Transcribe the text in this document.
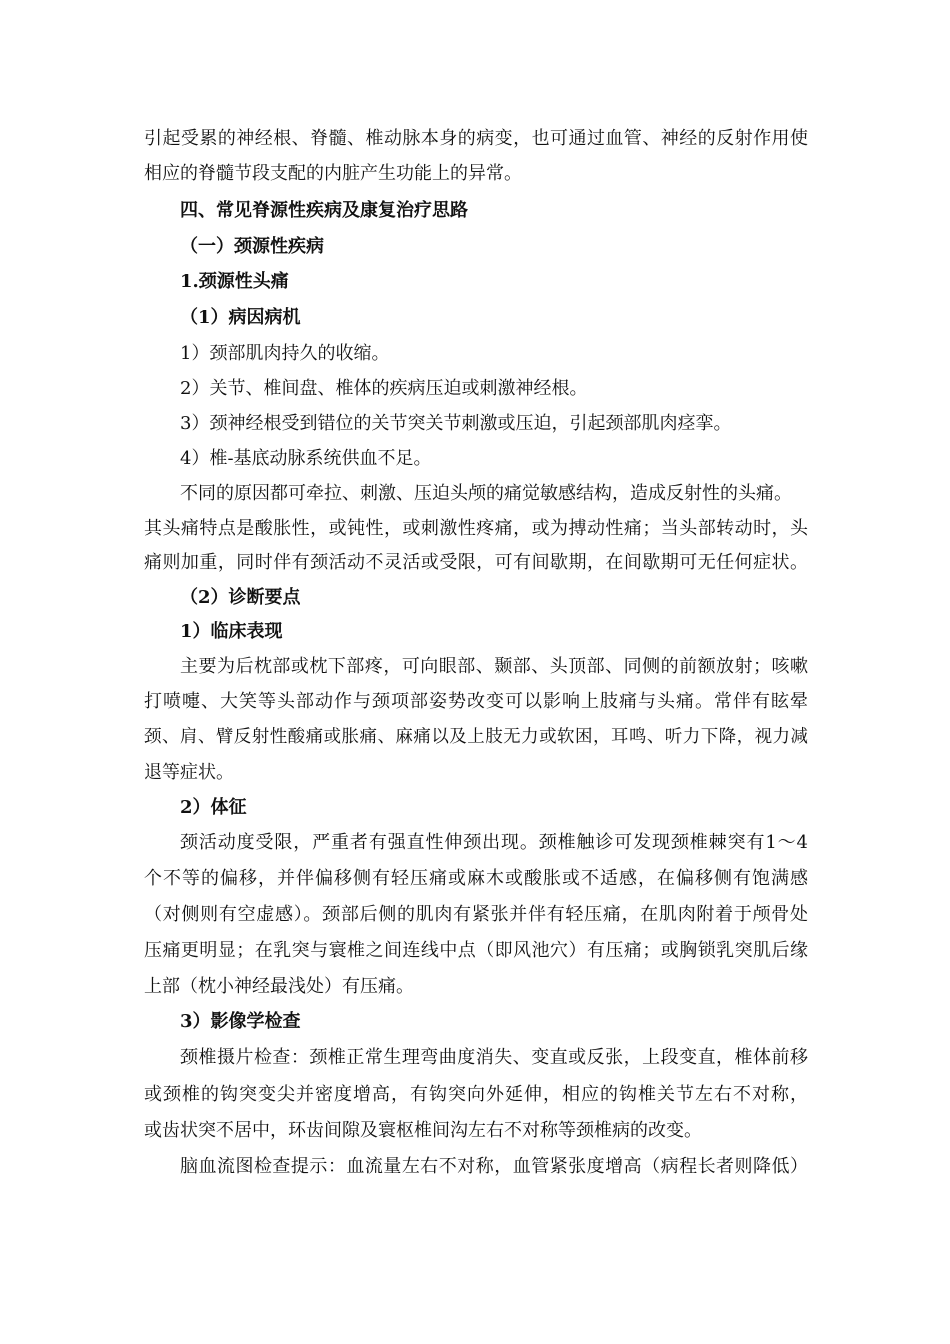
引起受累的神经根、脊髓、椎动脉本身的病变，也可通过血管、神经的反射作用使
相应的脊髓节段支配的内脏产生功能上的异常。
四、常见脊源性疾病及康复治疗思路
（一）颈源性疾病
1.颈源性头痛
（1）病因病机
1）颈部肌肉持久的收缩。
2）关节、椎间盘、椎体的疾病压迫或刺激神经根。
3）颈神经根受到错位的关节突关节刺激或压迫，引起颈部肌肉痉挛。
4）椎-基底动脉系统供血不足。
不同的原因都可牵拉、刺激、压迫头颅的痛觉敏感结构，造成反射性的头痛。
其头痛特点是酸胀性，或钝性，或刺激性疼痛，或为搏动性痛；当头部转动时，头
痛则加重，同时伴有颈活动不灵活或受限，可有间歇期，在间歇期可无任何症状。
（2）诊断要点
1）临床表现
主要为后枕部或枕下部疼，可向眼部、颞部、头顶部、同侧的前额放射；咳嗽
打喷嚏、大笑等头部动作与颈项部姿势改变可以影响上肢痛与头痛。常伴有眩晕
颈、肩、臂反射性酸痛或胀痛、麻痛以及上肢无力或软困，耳鸣、听力下降，视力减
退等症状。
2）体征
颈活动度受限，严重者有强直性伸颈出现。颈椎触诊可发现颈椎棘突有1～4
个不等的偏移，并伴偏移侧有轻压痛或麻木或酸胀或不适感，在偏移侧有饱满感
（对侧则有空虚感）。颈部后侧的肌肉有紧张并伴有轻压痛，在肌肉附着于颅骨处
压痛更明显；在乳突与寰椎之间连线中点（即风池穴）有压痛；或胸锁乳突肌后缘
上部（枕小神经最浅处）有压痛。
3）影像学检查
颈椎摄片检查：颈椎正常生理弯曲度消失、变直或反张，上段变直，椎体前移
或颈椎的钩突变尖并密度增高，有钩突向外延伸，相应的钩椎关节左右不对称，
或齿状突不居中，环齿间隙及寰枢椎间沟左右不对称等颈椎病的改变。
脑血流图检查提示：血流量左右不对称，血管紧张度增高（病程长者则降低）
